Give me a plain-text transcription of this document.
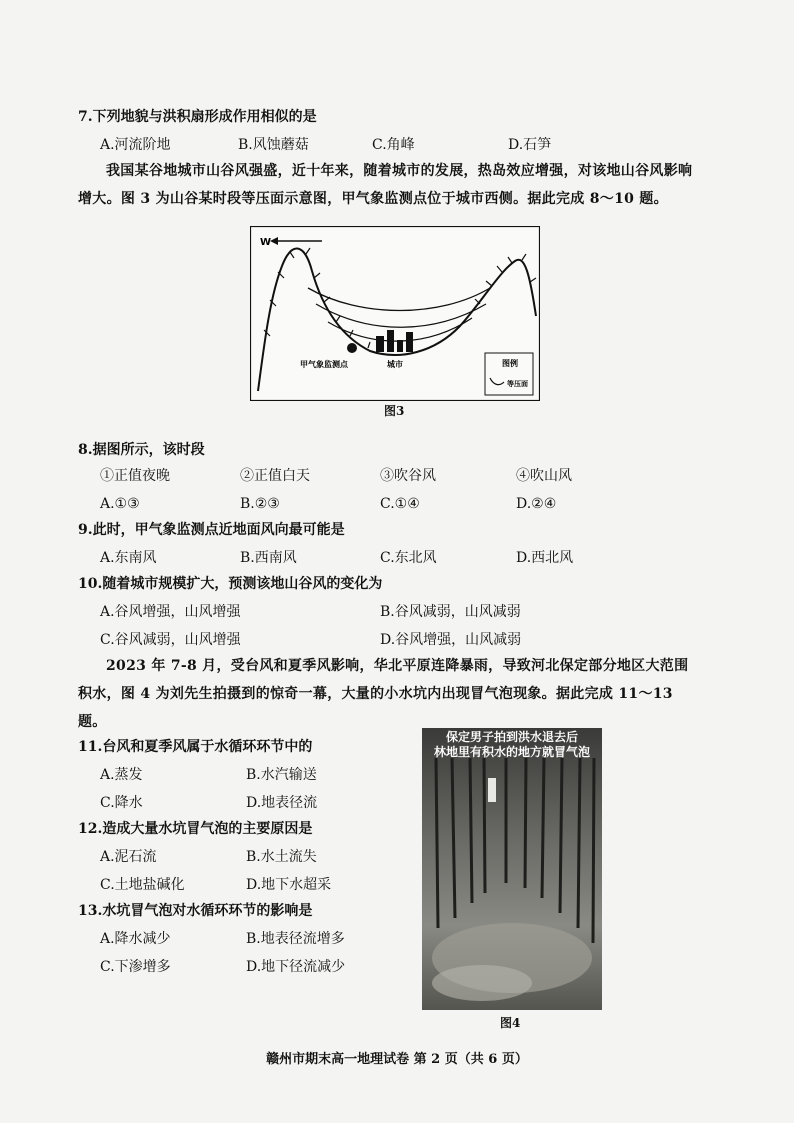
7.下列地貌与洪积扇形成作用相似的是
A.河流阶地	B.风蚀蘑菇	C.角峰	D.石笋
我国某谷地城市山谷风强盛，近十年来，随着城市的发展，热岛效应增强，对该地山谷风影响增大。图 3 为山谷某时段等压面示意图，甲气象监测点位于城市西侧。据此完成 8～10 题。
W
甲气象监测点	城市	图例
等压面
图3
8.据图所示，该时段
①正值夜晚	②正值白天	③吹谷风	④吹山风
A.①③	B.②③	C.①④	D.②④
9.此时，甲气象监测点近地面风向最可能是
A.东南风	B.西南风	C.东北风	D.西北风
10.随着城市规模扩大，预测该地山谷风的变化为
A.谷风增强，山风增强	B.谷风减弱，山风减弱
C.谷风减弱，山风增强	D.谷风增强，山风减弱
2023 年 7-8 月，受台风和夏季风影响，华北平原连降暴雨，导致河北保定部分地区大范围积水，图 4 为刘先生拍摄到的惊奇一幕，大量的小水坑内出现冒气泡现象。据此完成 11～13 题。
11.台风和夏季风属于水循环环节中的
A.蒸发	B.水汽输送
C.降水	D.地表径流
12.造成大量水坑冒气泡的主要原因是
A.泥石流	B.水土流失
C.土地盐碱化	D.地下水超采
13.水坑冒气泡对水循环环节的影响是
A.降水减少	B.地表径流增多
C.下渗增多	D.地下径流减少
保定男子拍到洪水退去后
林地里有积水的地方就冒气泡
图4
赣州市期末高一地理试卷 第 2 页（共 6 页）
